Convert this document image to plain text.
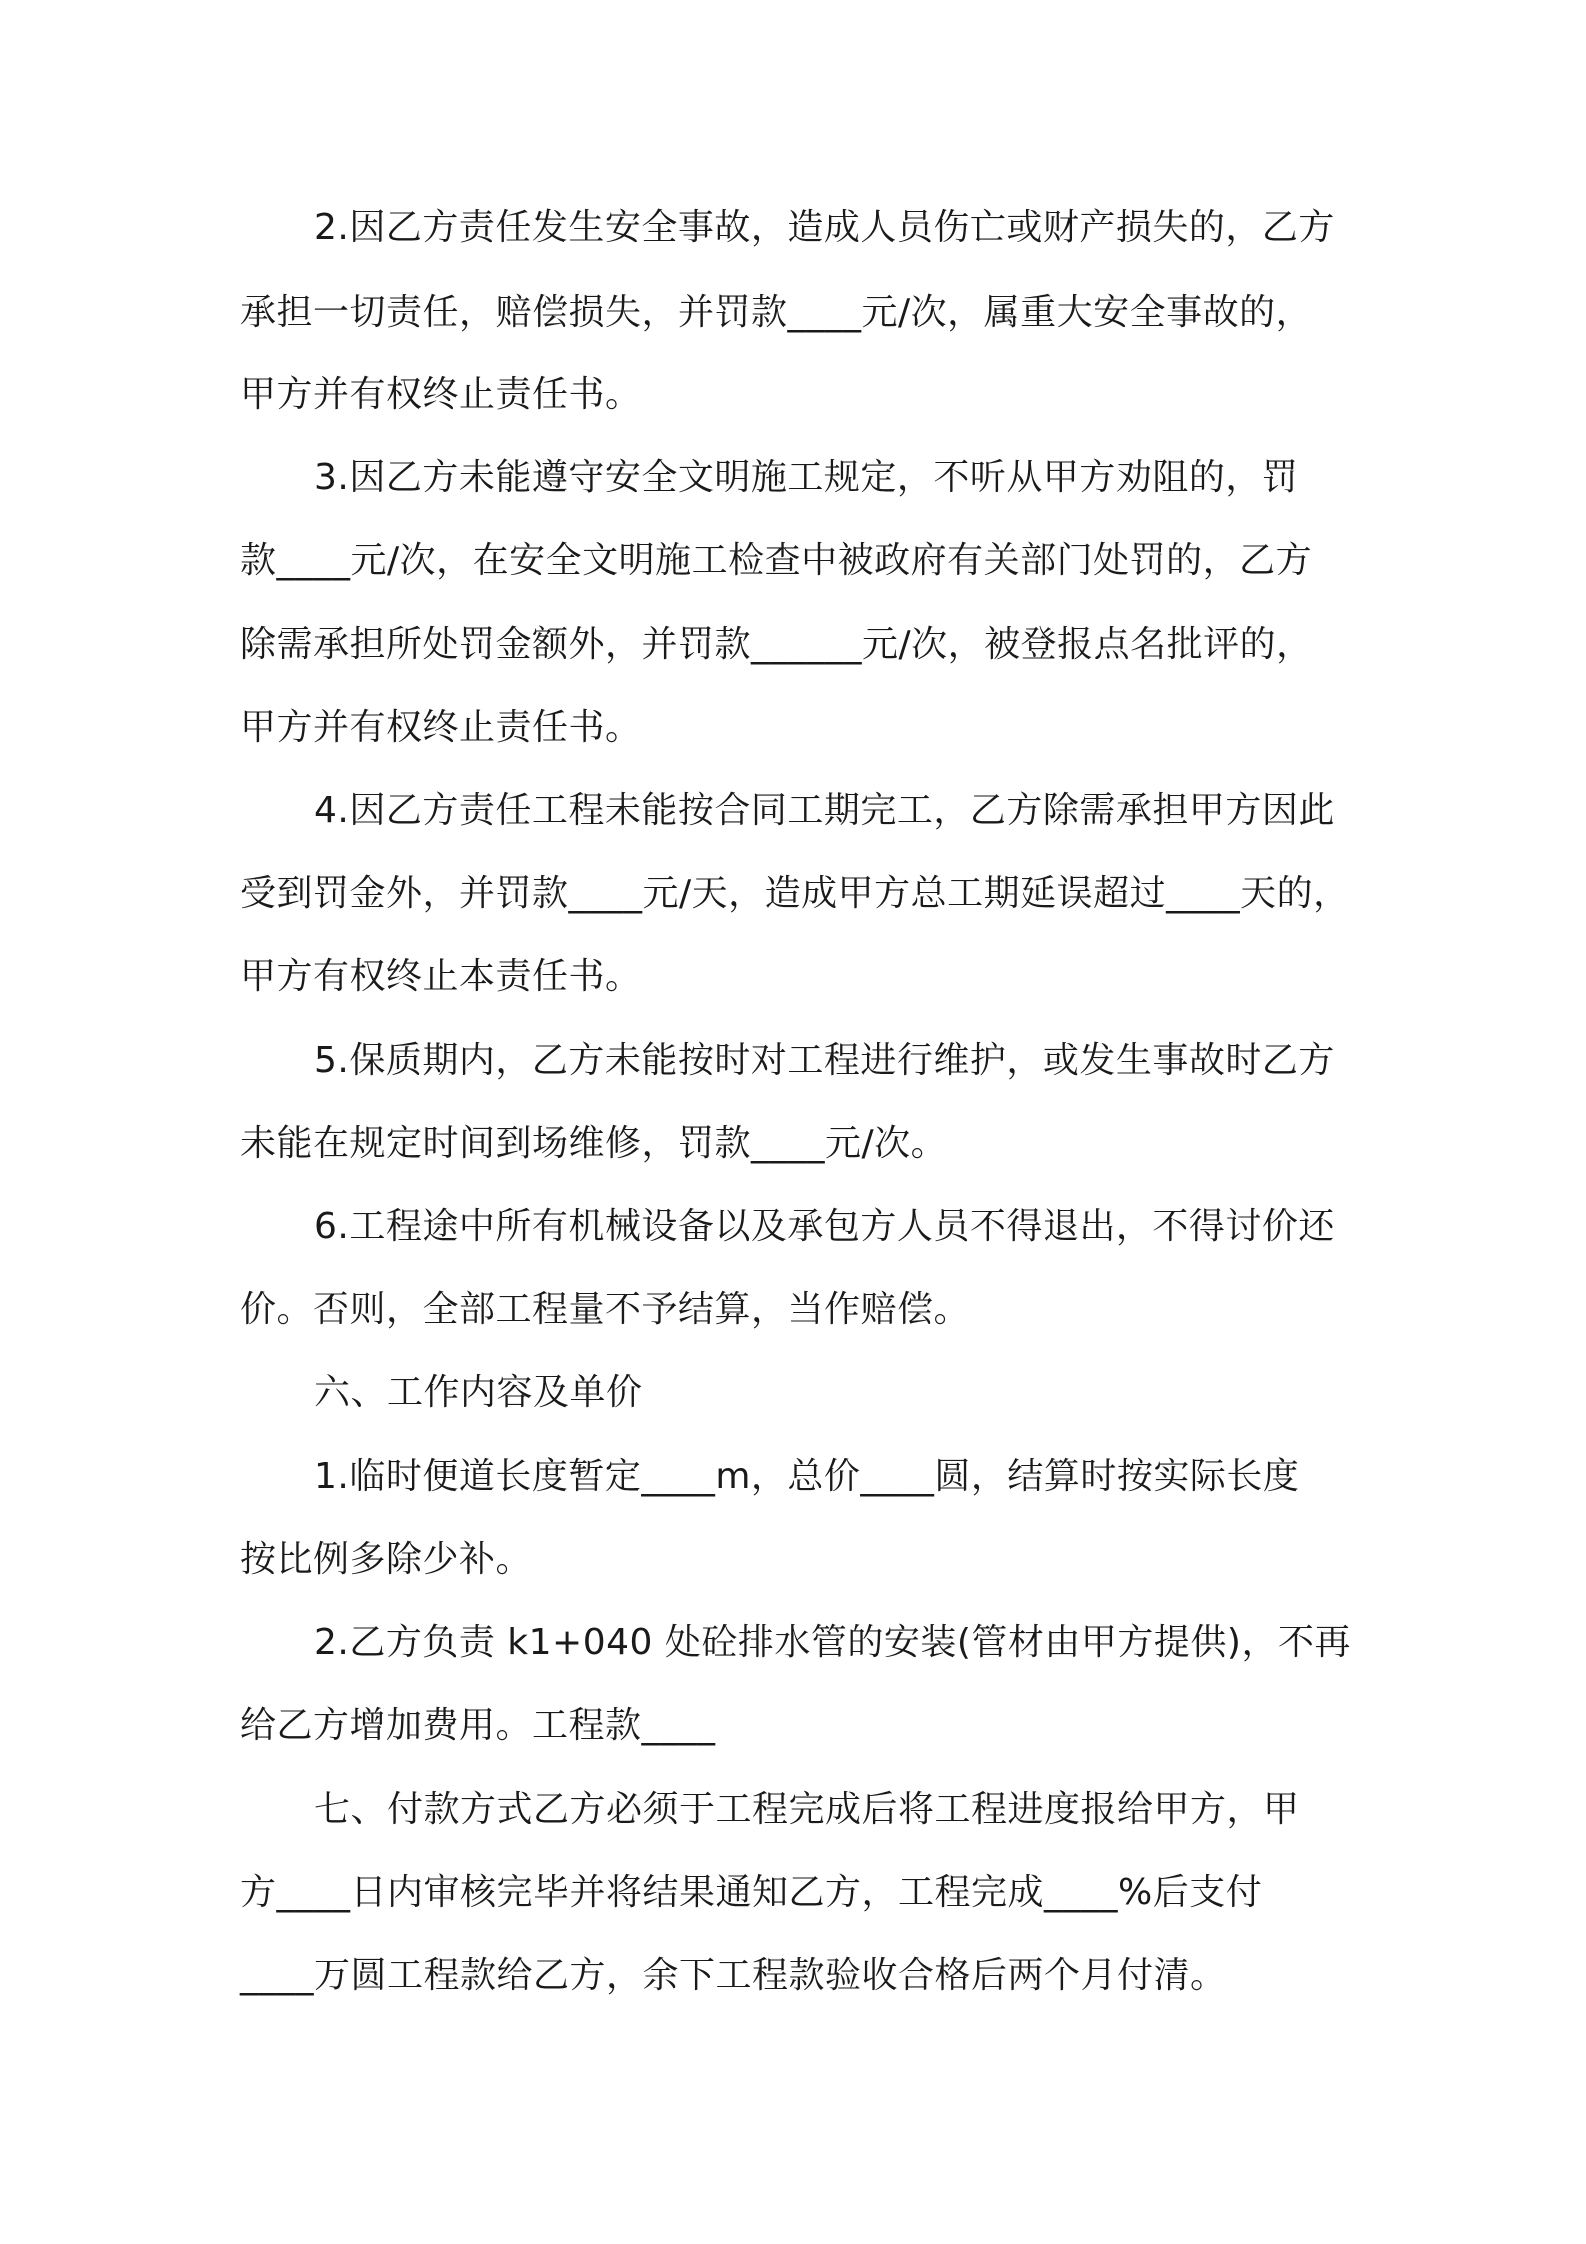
2.因乙方责任发生安全事故，造成人员伤亡或财产损失的，乙方
承担一切责任，赔偿损失，并罚款____元/次，属重大安全事故的，
甲方并有权终止责任书。
3.因乙方未能遵守安全文明施工规定，不听从甲方劝阻的，罚
款____元/次，在安全文明施工检查中被政府有关部门处罚的，乙方
除需承担所处罚金额外，并罚款______元/次，被登报点名批评的，
甲方并有权终止责任书。
4.因乙方责任工程未能按合同工期完工，乙方除需承担甲方因此
受到罚金外，并罚款____元/天，造成甲方总工期延误超过____天的，
甲方有权终止本责任书。
5.保质期内，乙方未能按时对工程进行维护，或发生事故时乙方
未能在规定时间到场维修，罚款____元/次。
6.工程途中所有机械设备以及承包方人员不得退出，不得讨价还
价。否则，全部工程量不予结算，当作赔偿。
六、工作内容及单价
1.临时便道长度暂定____m，总价____圆，结算时按实际长度
按比例多除少补。
2.乙方负责 k1+040 处砼排水管的安装(管材由甲方提供)，不再
给乙方增加费用。工程款____
七、付款方式乙方必须于工程完成后将工程进度报给甲方，甲
方____日内审核完毕并将结果通知乙方，工程完成____%后支付
____万圆工程款给乙方，余下工程款验收合格后两个月付清。
